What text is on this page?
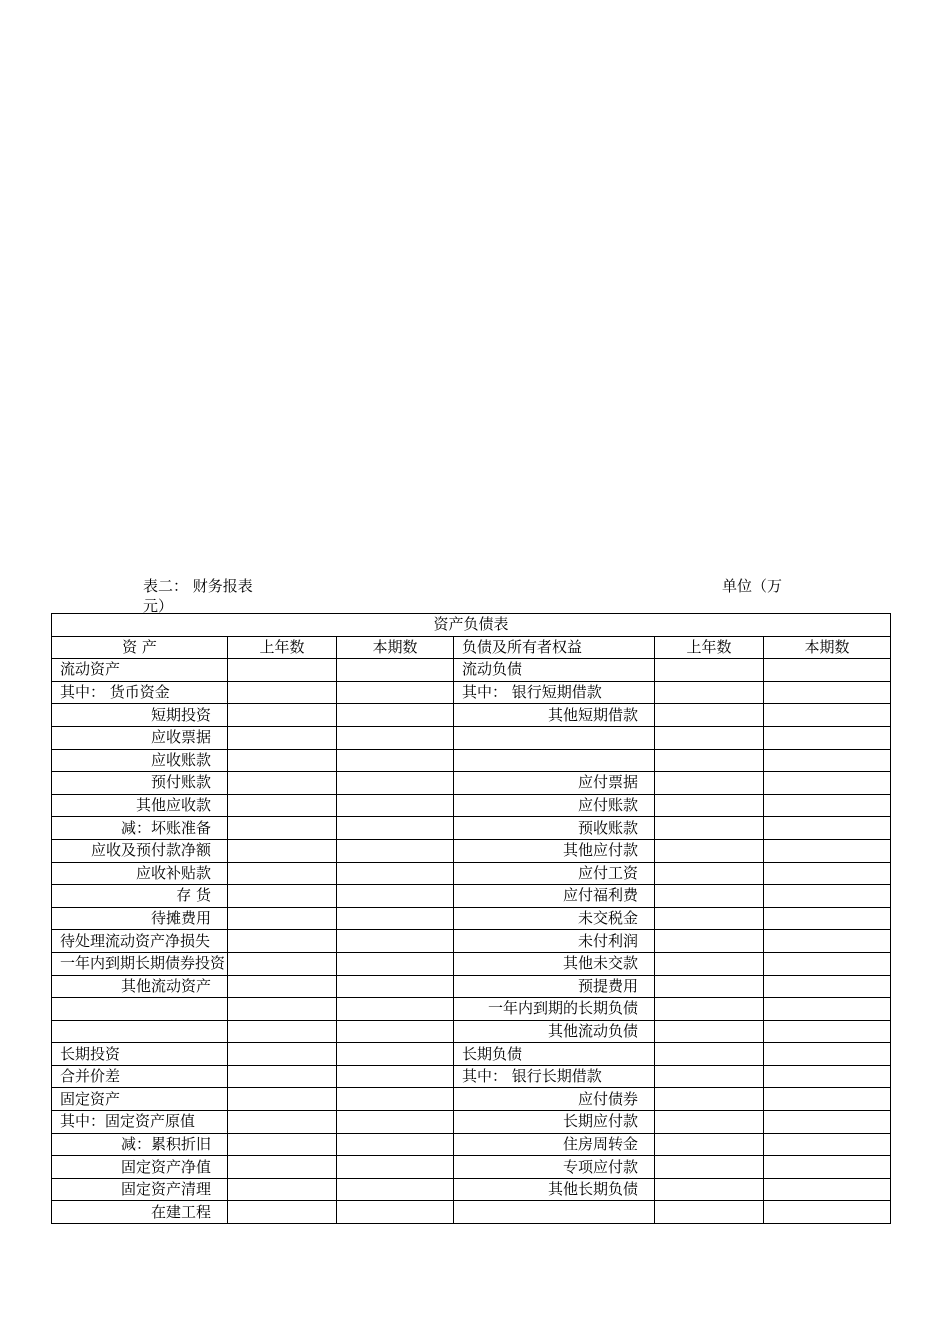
表二： 财务报表
元）
单位（万
资产负债表					
资 产	上年数	本期数	负债及所有者权益	上年数	本期数
流动资产			流动负债		
其中： 货币资金			其中： 银行短期借款		
短期投资			其他短期借款		
应收票据					
应收账款					
预付账款			应付票据		
其他应收款			应付账款		
减：坏账准备			预收账款		
应收及预付款净额			其他应付款		
应收补贴款			应付工资		
存 货			应付福利费		
待摊费用			未交税金		
待处理流动资产净损失			未付利润		
一年内到期长期债券投资			其他未交款		
其他流动资产			预提费用		
			一年内到期的长期负债		
			其他流动负债		
长期投资			长期负债		
合并价差			其中： 银行长期借款		
固定资产			应付债券		
其中：固定资产原值			长期应付款		
减：累积折旧			住房周转金		
固定资产净值			专项应付款		
固定资产清理			其他长期负债		
在建工程					
